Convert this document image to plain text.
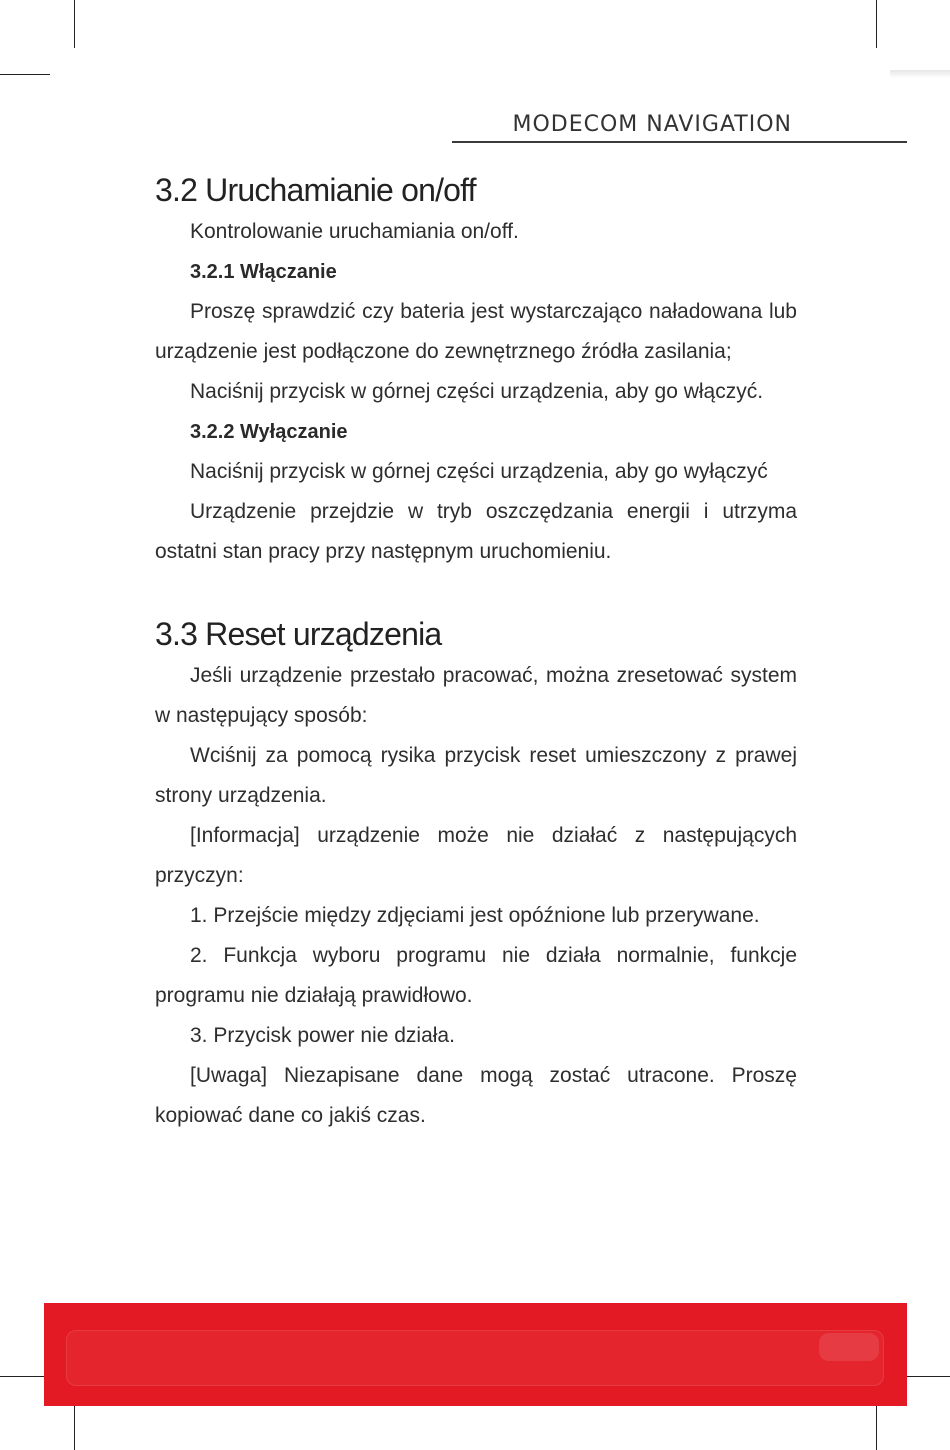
MODECOM NAVIGATION
3.2 Uruchamianie on/off

Kontrolowanie uruchamiania on/off.

3.2.1 Włączanie

Proszę sprawdzić czy bateria jest wystarczająco naładowana lub urządzenie jest podłączone do zewnętrznego źródła zasilania;

Naciśnij przycisk w górnej części urządzenia, aby go włączyć.

3.2.2 Wyłączanie

Naciśnij przycisk w górnej części urządzenia, aby go wyłączyć

Urządzenie przejdzie w tryb oszczędzania energii i utrzyma ostatni stan pracy przy następnym uruchomieniu.

3.3 Reset urządzenia

Jeśli urządzenie przestało pracować, można zresetować system w następujący sposób:

Wciśnij za pomocą rysika przycisk reset umieszczony z prawej strony urządzenia.

[Informacja] urządzenie może nie działać z następujących przyczyn:

1. Przejście między zdjęciami jest opóźnione lub przerywane.

2. Funkcja wyboru programu nie działa normalnie, funkcje programu nie działają prawidłowo.

3. Przycisk power nie działa.

[Uwaga] Niezapisane dane mogą zostać utracone. Proszę kopiować dane co jakiś czas.
